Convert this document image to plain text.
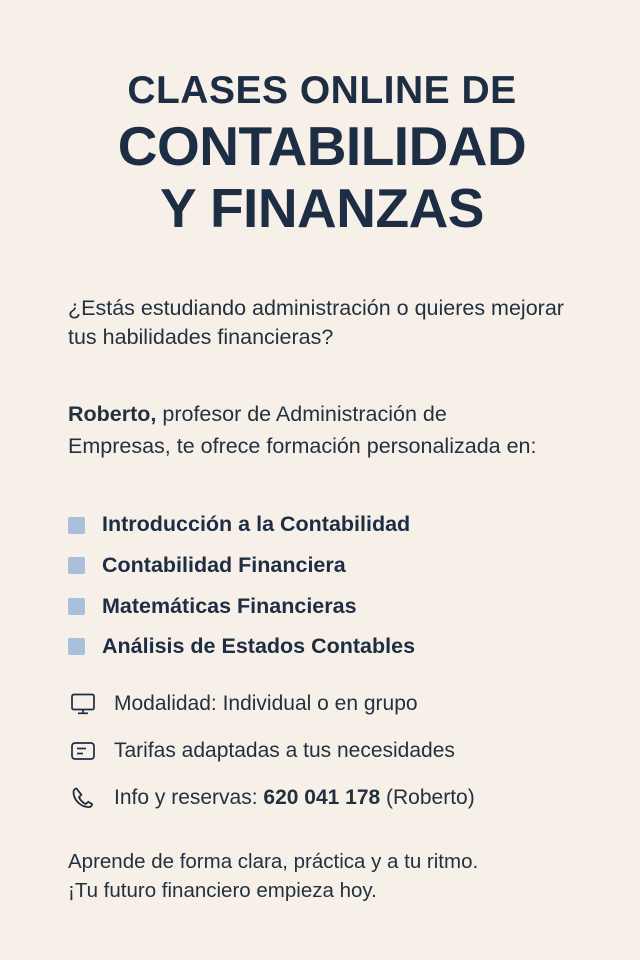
CLASES ONLINE DE
CONTABILIDAD
Y FINANZAS

¿Estás estudiando administración o quieres mejorar tus habilidades financieras?

Roberto, profesor de Administración de Empresas, te ofrece formación personalizada en:

Introducción a la Contabilidad
Contabilidad Financiera
Matemáticas Financieras
Análisis de Estados Contables
Modalidad: Individual o en grupo
Tarifas adaptadas a tus necesidades
Info y reservas: 620 041 178 (Roberto)

Aprende de forma clara, práctica y a tu ritmo.
¡Tu futuro financiero empieza hoy.
